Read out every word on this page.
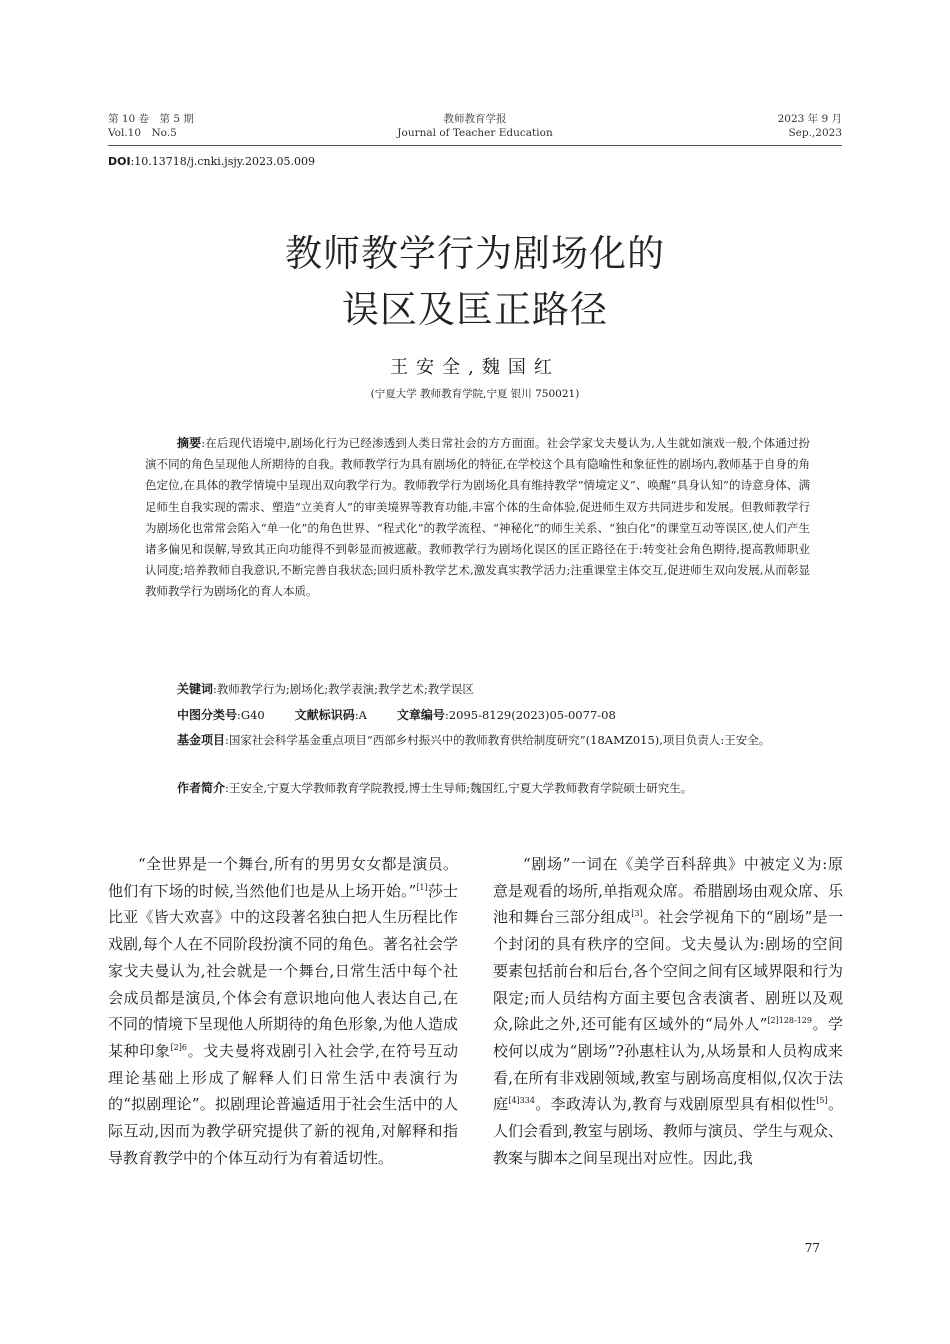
第 10 卷　第 5 期
Vol.10　No.5
教师教育学报
Journal of Teacher Education
2023 年 9 月
Sep.,2023
DOI:10.13718/j.cnki.jsjy.2023.05.009
教师教学行为剧场化的
误区及匡正路径
王安全,魏国红
(宁夏大学 教师教育学院,宁夏 银川 750021)
摘要:在后现代语境中,剧场化行为已经渗透到人类日常社会的方方面面。社会学家戈夫曼认为,人生就如演戏一般,个体通过扮演不同的角色呈现他人所期待的自我。教师教学行为具有剧场化的特征,在学校这个具有隐喻性和象征性的剧场内,教师基于自身的角色定位,在具体的教学情境中呈现出双向教学行为。教师教学行为剧场化具有维持教学“情境定义”、唤醒“具身认知”的诗意身体、满足师生自我实现的需求、塑造“立美育人”的审美境界等教育功能,丰富个体的生命体验,促进师生双方共同进步和发展。但教师教学行为剧场化也常常会陷入“单一化”的角色世界、“程式化”的教学流程、“神秘化”的师生关系、“独白化”的课堂互动等误区,使人们产生诸多偏见和误解,导致其正向功能得不到彰显而被遮蔽。教师教学行为剧场化误区的匡正路径在于:转变社会角色期待,提高教师职业认同度;培养教师自我意识,不断完善自我状态;回归质朴教学艺术,激发真实教学活力;注重课堂主体交互,促进师生双向发展,从而彰显教师教学行为剧场化的育人本质。
关键词:教师教学行为;剧场化;教学表演;教学艺术;教学误区
中图分类号:G40	文献标识码:A	文章编号:2095-8129(2023)05-0077-08
基金项目:国家社会科学基金重点项目“西部乡村振兴中的教师教育供给制度研究”(18AMZ015),项目负责人:王安全。
作者简介:王安全,宁夏大学教师教育学院教授,博士生导师;魏国红,宁夏大学教师教育学院硕士研究生。
“全世界是一个舞台,所有的男男女女都是演员。他们有下场的时候,当然他们也是从上场开始。”[1]莎士比亚《皆大欢喜》中的这段著名独白把人生历程比作戏剧,每个人在不同阶段扮演不同的角色。著名社会学家戈夫曼认为,社会就是一个舞台,日常生活中每个社会成员都是演员,个体会有意识地向他人表达自己,在不同的情境下呈现他人所期待的角色形象,为他人造成某种印象$^{[2]6}$。戈夫曼将戏剧引入社会学,在符号互动理论基础上形成了解释人们日常生活中表演行为的“拟剧理论”。拟剧理论普遍适用于社会生活中的人际互动,因而为教学研究提供了新的视角,对解释和指导教育教学中的个体互动行为有着适切性。
“剧场”一词在《美学百科辞典》中被定义为:原意是观看的场所,单指观众席。希腊剧场由观众席、乐池和舞台三部分组成[3]。社会学视角下的“剧场”是一个封闭的具有秩序的空间。戈夫曼认为:剧场的空间要素包括前台和后台,各个空间之间有区域界限和行为限定;而人员结构方面主要包含表演者、剧班以及观众,除此之外,还可能有区域外的“局外人”$^{[2]128-129}$。学校何以成为“剧场”?孙惠柱认为,从场景和人员构成来看,在所有非戏剧领域,教室与剧场高度相似,仅次于法庭$^{[4]334}$。李政涛认为,教育与戏剧原型具有相似性[5]。人们会看到,教室与剧场、教师与演员、学生与观众、教案与脚本之间呈现出对应性。因此,我
77
